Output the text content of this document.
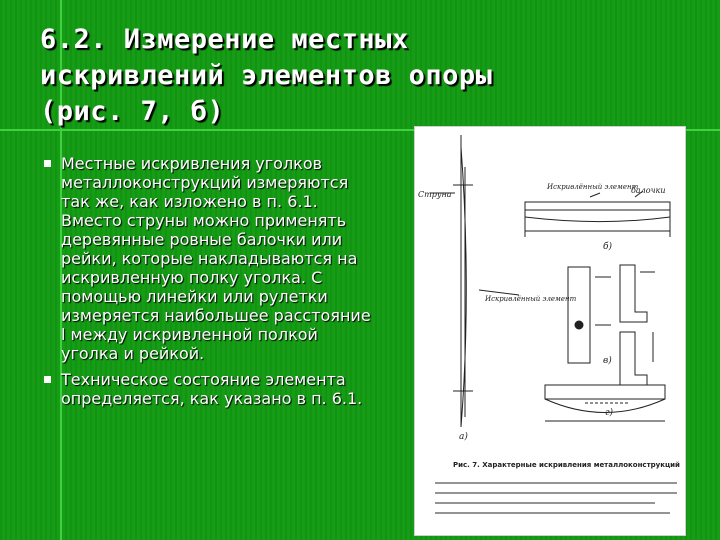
6.2. Измерение местных
искривлений элементов опоры
(рис. 7, б)
Местные искривления уголков металлоконструкций измеряются так же, как изложено в п. 6.1. Вместо струны можно применять деревянные ровные балочки или рейки, которые накладываются на искривленную полку уголка. С помощью линейки или рулетки измеряется наибольшее расстояние l между искривленной полкой уголка и рейкой.
Техническое состояние элемента определяется, как указано в п. 6.1.
Струна
Искривлённый элемент
балочки
Искривлённый элемент
б)
в)
г)
а)
Рис. 7. Характерные искривления металлоконструкций
